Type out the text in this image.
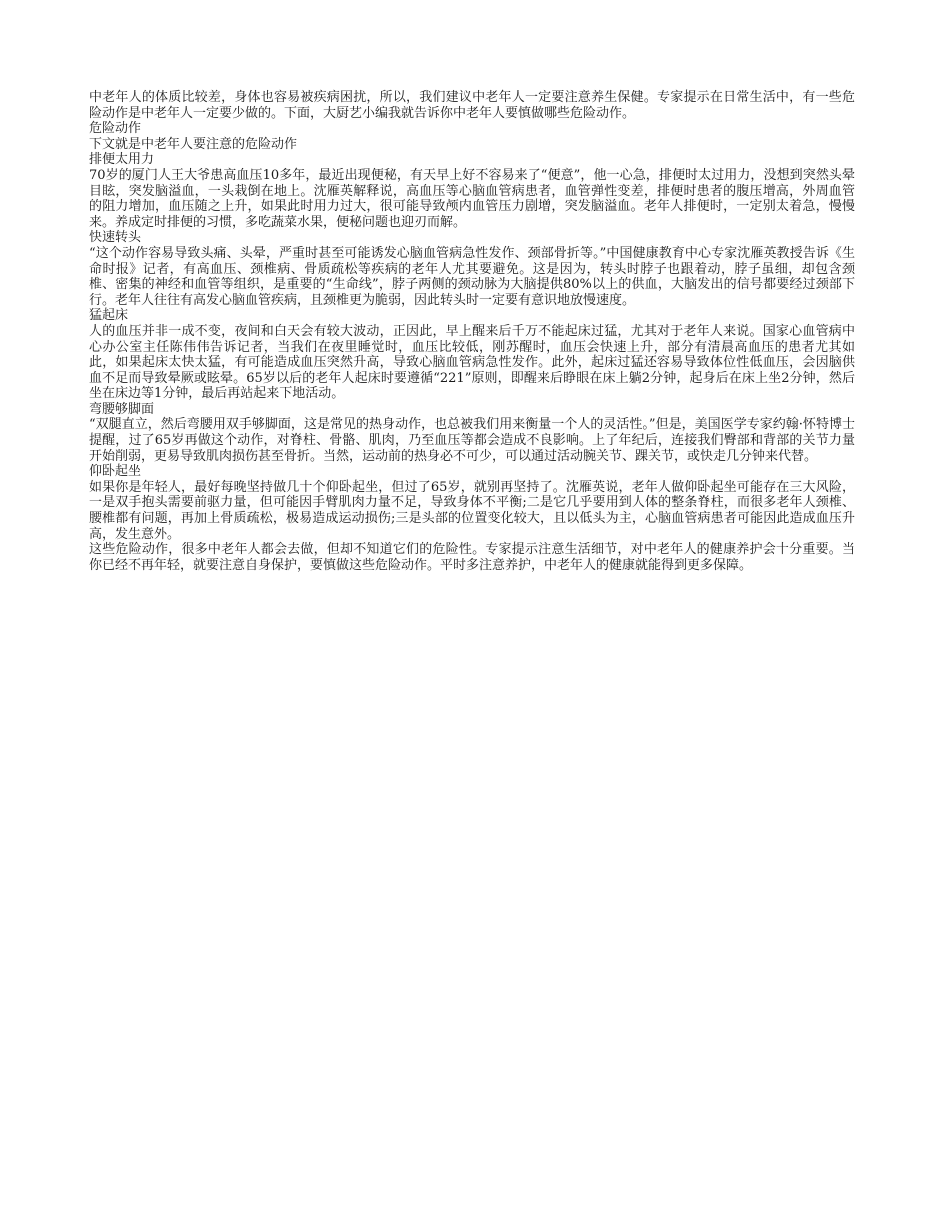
中老年人的体质比较差，身体也容易被疾病困扰，所以，我们建议中老年人一定要注意养生保健。专家提示在日常生活中，有一些危险动作是中老年人一定要少做的。下面，大厨艺小编我就告诉你中老年人要慎做哪些危险动作。

危险动作

下文就是中老年人要注意的危险动作

排便太用力

70岁的厦门人王大爷患高血压10多年，最近出现便秘，有天早上好不容易来了“便意”，他一心急，排便时太过用力，没想到突然头晕目眩，突发脑溢血，一头栽倒在地上。沈雁英解释说，高血压等心脑血管病患者，血管弹性变差，排便时患者的腹压增高，外周血管的阻力增加，血压随之上升，如果此时用力过大，很可能导致颅内血管压力剧增，突发脑溢血。老年人排便时，一定别太着急，慢慢来。养成定时排便的习惯，多吃蔬菜水果，便秘问题也迎刃而解。

快速转头

“这个动作容易导致头痛、头晕，严重时甚至可能诱发心脑血管病急性发作、颈部骨折等。”中国健康教育中心专家沈雁英教授告诉《生命时报》记者，有高血压、颈椎病、骨质疏松等疾病的老年人尤其要避免。这是因为，转头时脖子也跟着动，脖子虽细，却包含颈椎、密集的神经和血管等组织，是重要的“生命线”，脖子两侧的颈动脉为大脑提供80%以上的供血，大脑发出的信号都要经过颈部下行。老年人往往有高发心脑血管疾病，且颈椎更为脆弱，因此转头时一定要有意识地放慢速度。

猛起床

人的血压并非一成不变，夜间和白天会有较大波动，正因此，早上醒来后千万不能起床过猛，尤其对于老年人来说。国家心血管病中心办公室主任陈伟伟告诉记者，当我们在夜里睡觉时，血压比较低，刚苏醒时，血压会快速上升，部分有清晨高血压的患者尤其如此，如果起床太快太猛，有可能造成血压突然升高，导致心脑血管病急性发作。此外，起床过猛还容易导致体位性低血压，会因脑供血不足而导致晕厥或眩晕。65岁以后的老年人起床时要遵循“221”原则，即醒来后睁眼在床上躺2分钟，起身后在床上坐2分钟，然后坐在床边等1分钟，最后再站起来下地活动。

弯腰够脚面

“双腿直立，然后弯腰用双手够脚面，这是常见的热身动作，也总被我们用来衡量一个人的灵活性。”但是，美国医学专家约翰·怀特博士提醒，过了65岁再做这个动作，对脊柱、骨骼、肌肉，乃至血压等都会造成不良影响。上了年纪后，连接我们臀部和背部的关节力量开始削弱，更易导致肌肉损伤甚至骨折。当然，运动前的热身必不可少，可以通过活动腕关节、踝关节，或快走几分钟来代替。

仰卧起坐

如果你是年轻人，最好每晚坚持做几十个仰卧起坐，但过了65岁，就别再坚持了。沈雁英说，老年人做仰卧起坐可能存在三大风险，一是双手抱头需要前驱力量，但可能因手臂肌肉力量不足，导致身体不平衡;二是它几乎要用到人体的整条脊柱，而很多老年人颈椎、腰椎都有问题，再加上骨质疏松，极易造成运动损伤;三是头部的位置变化较大，且以低头为主，心脑血管病患者可能因此造成血压升高，发生意外。

这些危险动作，很多中老年人都会去做，但却不知道它们的危险性。专家提示注意生活细节，对中老年人的健康养护会十分重要。当你已经不再年轻，就要注意自身保护，要慎做这些危险动作。平时多注意养护，中老年人的健康就能得到更多保障。
